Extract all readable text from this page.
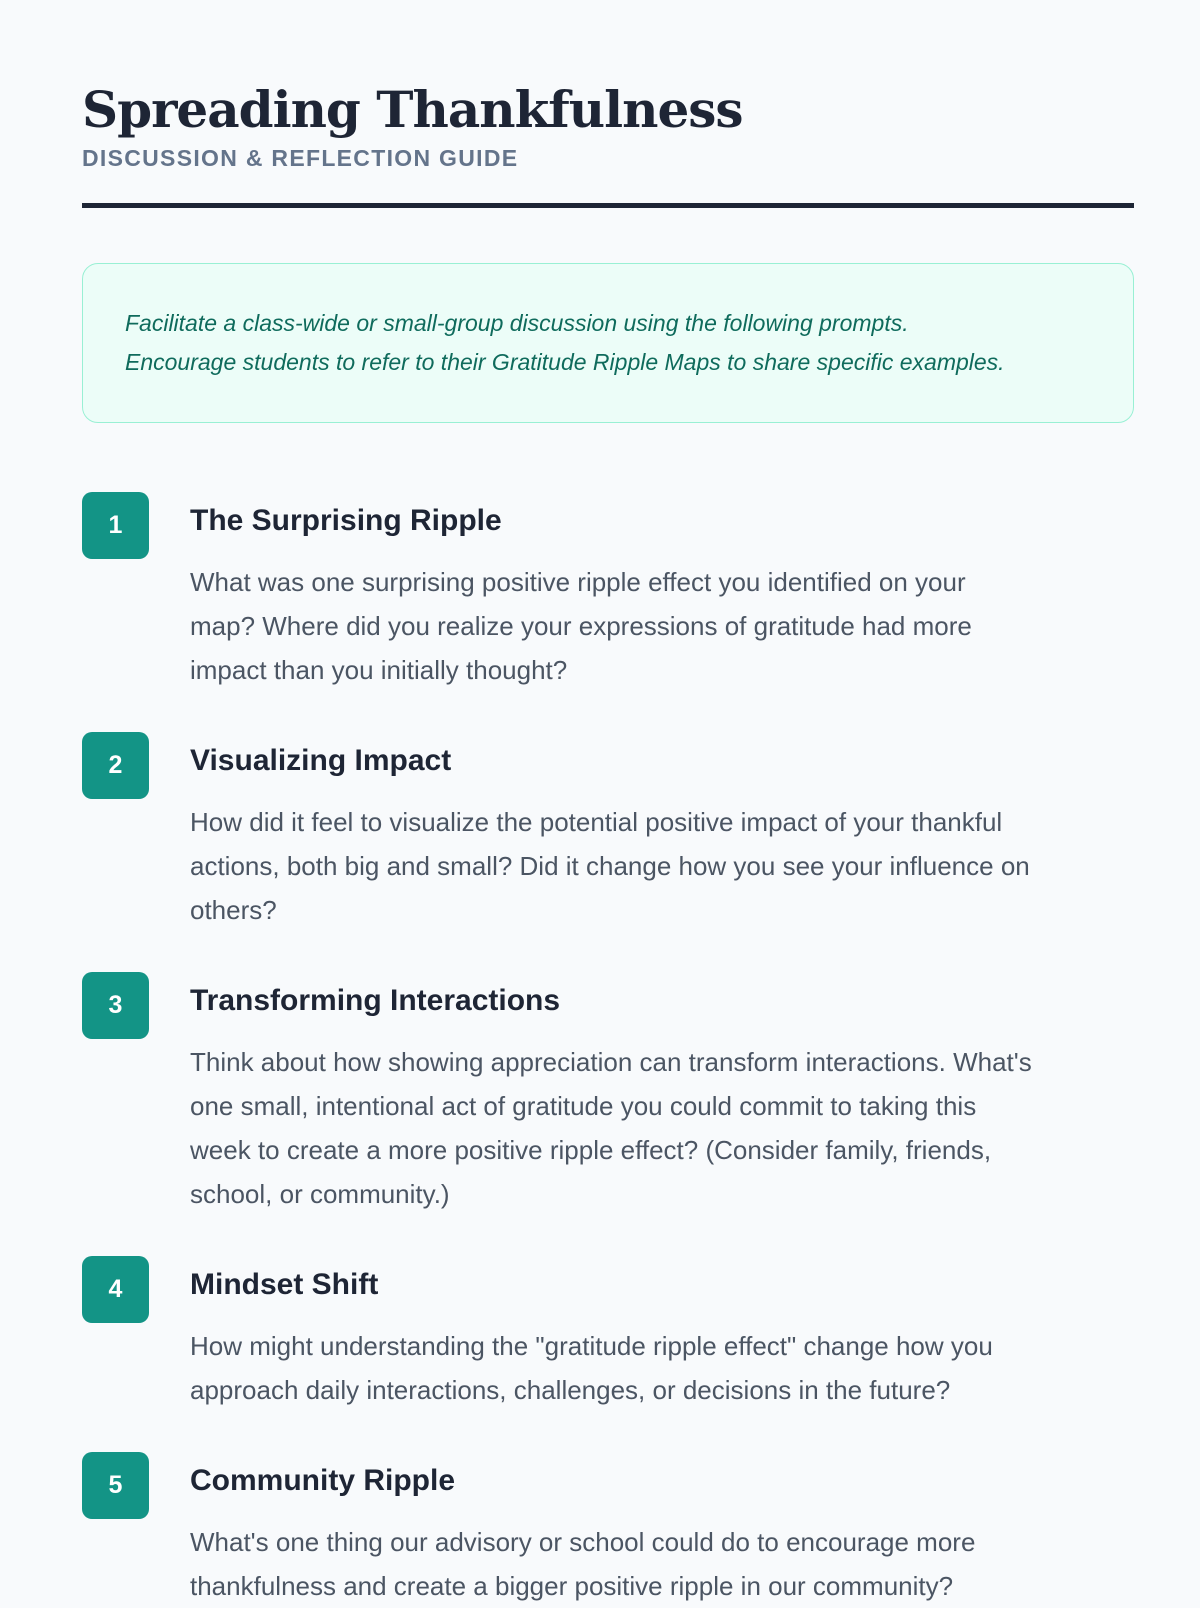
Spreading Thankfulness
DISCUSSION & REFLECTION GUIDE

Facilitate a class-wide or small-group discussion using the following prompts.
Encourage students to refer to their Gratitude Ripple Maps to share specific examples.

1	The Surprising Ripple

What was one surprising positive ripple effect you identified on your
map? Where did you realize your expressions of gratitude had more
impact than you initially thought?

2	Visualizing Impact

How did it feel to visualize the potential positive impact of your thankful
actions, both big and small? Did it change how you see your influence on
others?

3	Transforming Interactions

Think about how showing appreciation can transform interactions. What's
one small, intentional act of gratitude you could commit to taking this
week to create a more positive ripple effect? (Consider family, friends,
school, or community.)

4	Mindset Shift

How might understanding the "gratitude ripple effect" change how you
approach daily interactions, challenges, or decisions in the future?

5	Community Ripple

What's one thing our advisory or school could do to encourage more
thankfulness and create a bigger positive ripple in our community?
